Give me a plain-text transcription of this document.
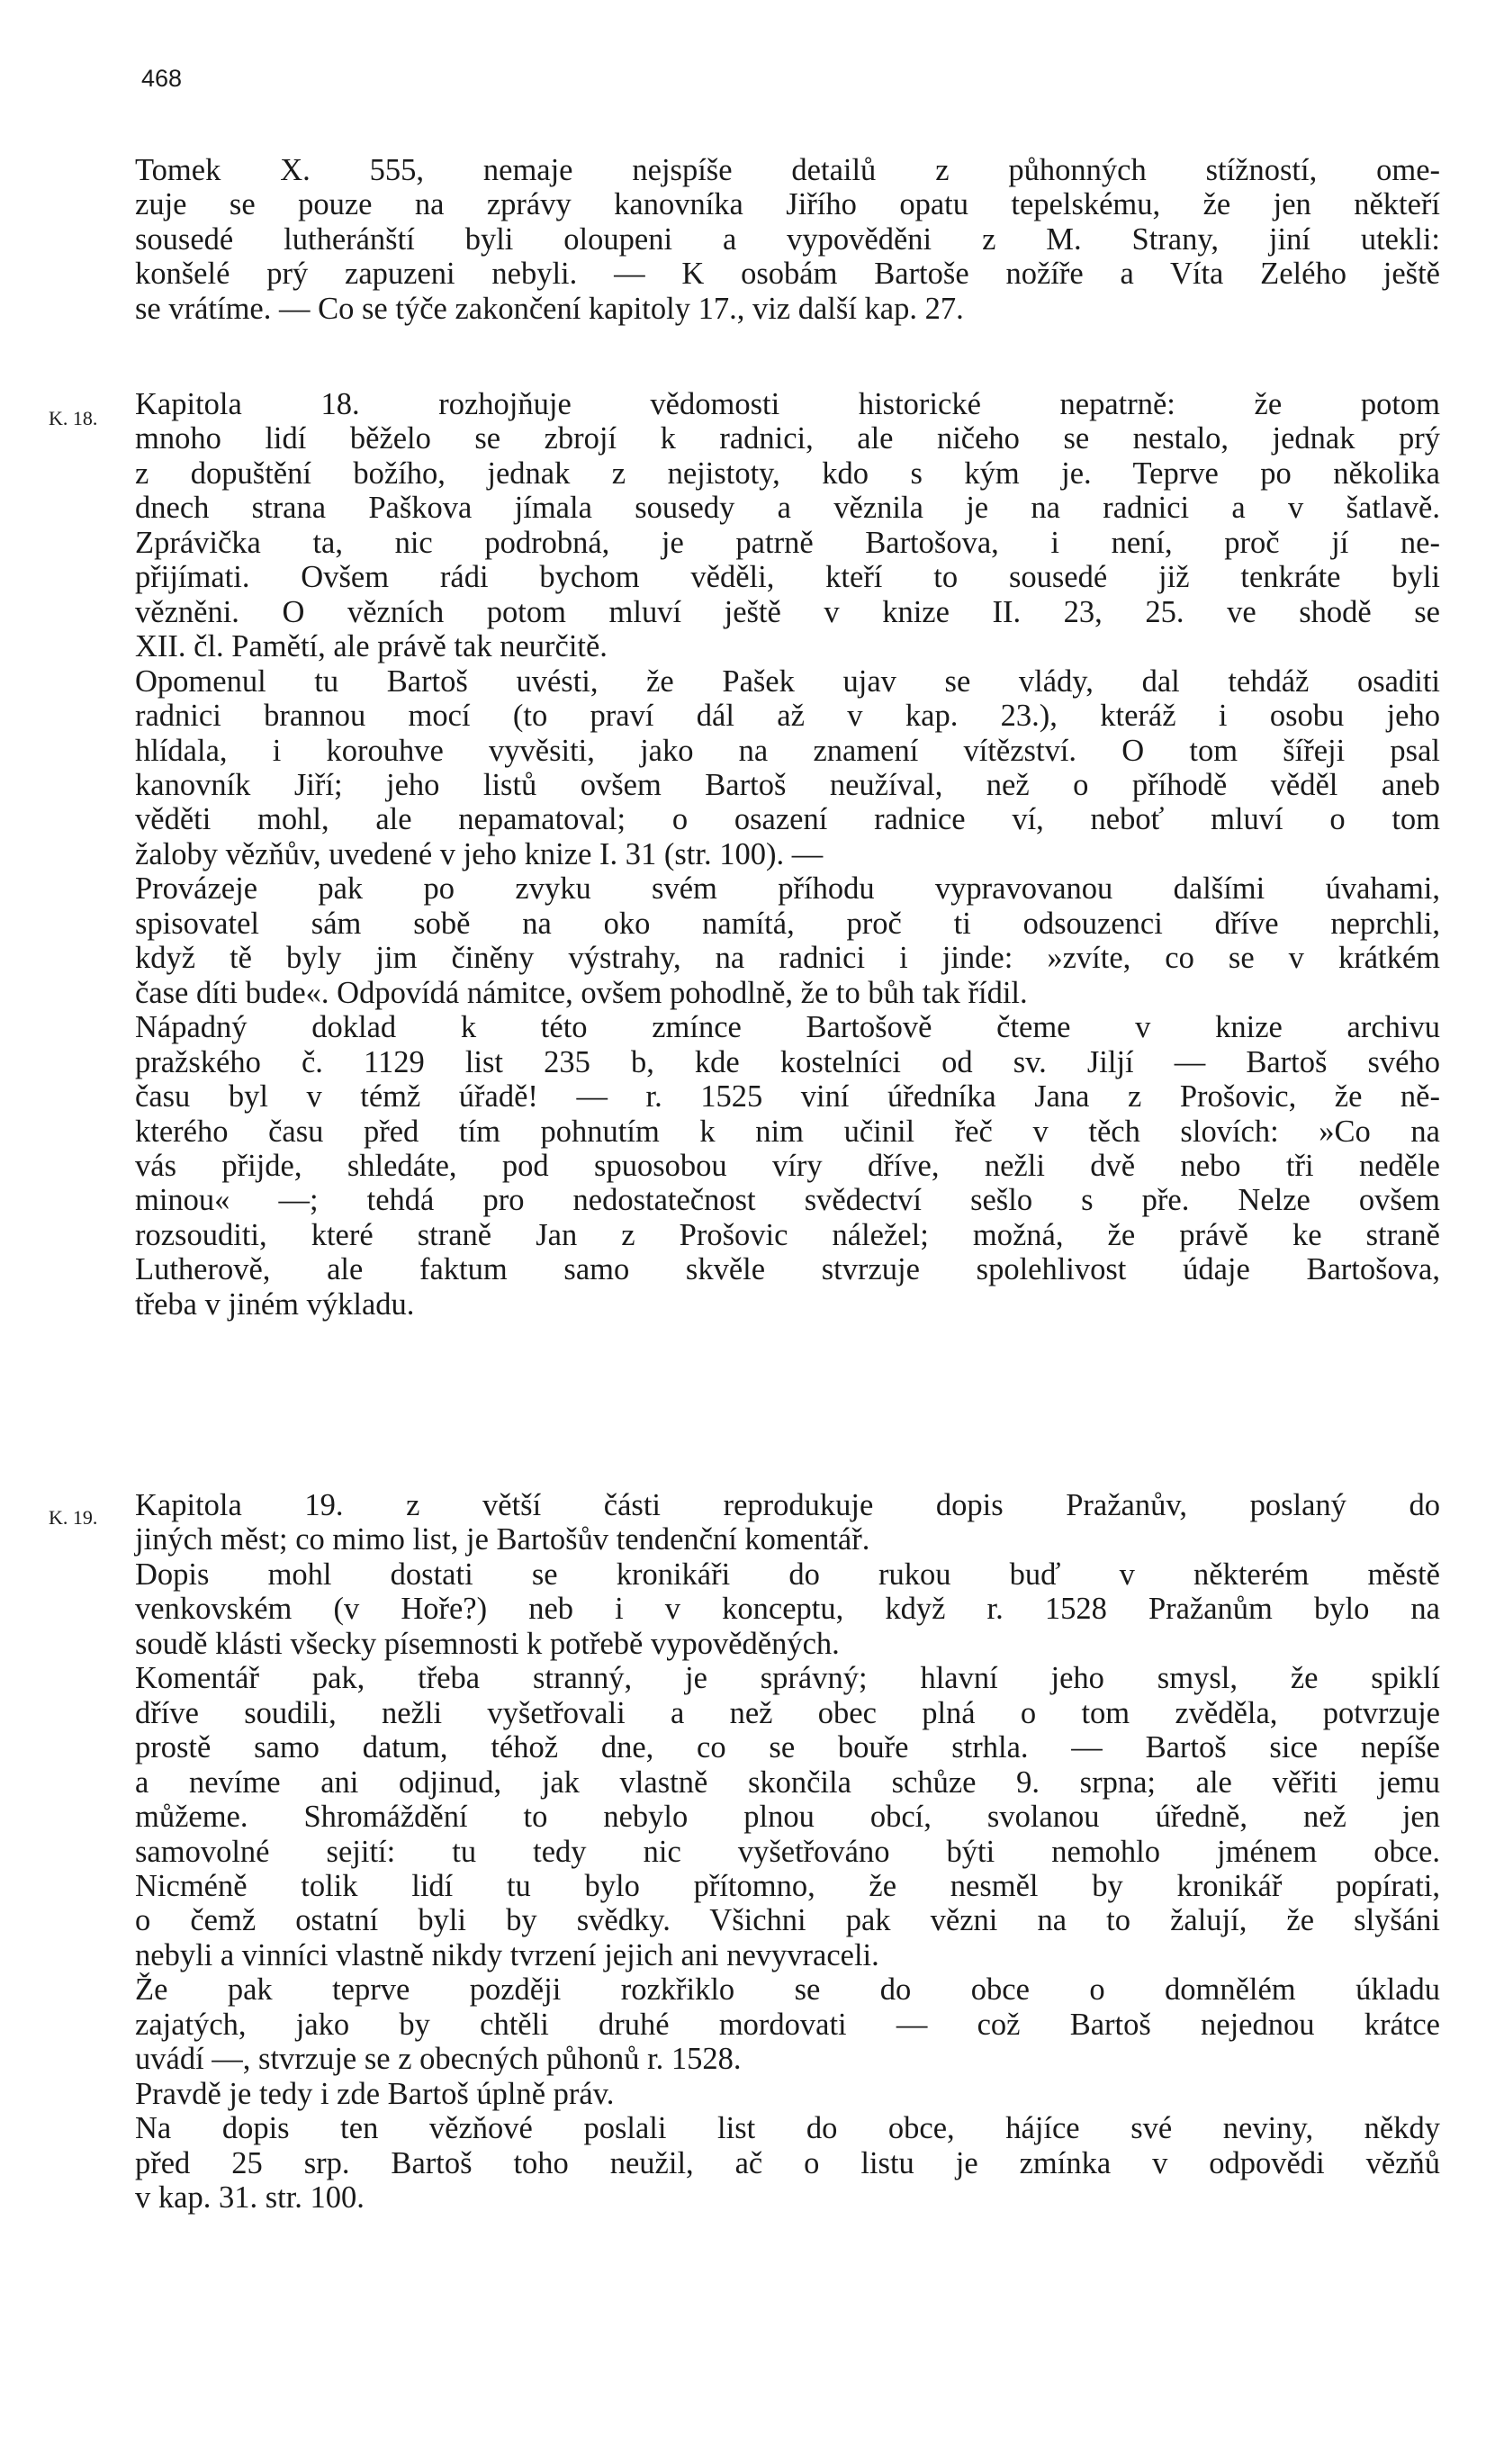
468
K. 18.
K. 19.
Tomek X. 555, nemaje nejspíše detailů z půhonných stížností, ome-
zuje se pouze na zprávy kanovníka Jiřího opatu tepelskému, že jen někteří
sousedé lutheránští byli oloupeni a vypověděni z M. Strany, jiní utekli:
konšelé prý zapuzeni nebyli. — K osobám Bartoše nožíře a Víta Zelého ještě
se vrátíme. — Co se týče zakončení kapitoly 17., viz další kap. 27.
Kapitola 18. rozhojňuje vědomosti historické nepatrně: že potom
mnoho lidí běželo se zbrojí k radnici, ale ničeho se nestalo, jednak prý
z dopuštění božího, jednak z nejistoty, kdo s kým je. Teprve po několika
dnech strana Paškova jímala sousedy a věznila je na radnici a v šatlavě.
Zprávička ta, nic podrobná, je patrně Bartošova, i není, proč jí ne-
přijímati. Ovšem rádi bychom věděli, kteří to sousedé již tenkráte byli
vězněni. O vězních potom mluví ještě v knize II. 23, 25. ve shodě se
XII. čl. Pamětí, ale právě tak neurčitě.
Opomenul tu Bartoš uvésti, že Pašek ujav se vlády, dal tehdáž osaditi
radnici brannou mocí (to praví dál až v kap. 23.), kteráž i osobu jeho
hlídala, i korouhve vyvěsiti, jako na znamení vítězství. O tom šířeji psal
kanovník Jiří; jeho listů ovšem Bartoš neužíval, než o příhodě věděl aneb
věděti mohl, ale nepamatoval; o osazení radnice ví, neboť mluví o tom
žaloby vězňův, uvedené v jeho knize I. 31 (str. 100). —
Provázeje pak po zvyku svém příhodu vypravovanou dalšími úvahami,
spisovatel sám sobě na oko namítá, proč ti odsouzenci dříve neprchli,
když tě byly jim činěny výstrahy, na radnici i jinde: »zvíte, co se v krátkém
čase díti bude«. Odpovídá námitce, ovšem pohodlně, že to bůh tak řídil.
Nápadný doklad k této zmínce Bartošově čteme v knize archivu
pražského č. 1129 list 235 b, kde kostelníci od sv. Jiljí — Bartoš svého
času byl v témž úřadě! — r. 1525 viní úředníka Jana z Prošovic, že ně-
kterého času před tím pohnutím k nim učinil řeč v těch slovích: »Co na
vás přijde, shledáte, pod spuosobou víry dříve, nežli dvě nebo tři neděle
minou« —; tehdá pro nedostatečnost svědectví sešlo s pře. Nelze ovšem
rozsouditi, které straně Jan z Prošovic náležel; možná, že právě ke straně
Lutherově, ale faktum samo skvěle stvrzuje spolehlivost údaje Bartošova,
třeba v jiném výkladu.
Kapitola 19. z větší části reprodukuje dopis Pražanův, poslaný do
jiných měst; co mimo list, je Bartošův tendenční komentář.
Dopis mohl dostati se kronikáři do rukou buď v některém městě
venkovském (v Hoře?) neb i v konceptu, když r. 1528 Pražanům bylo na
soudě klásti všecky písemnosti k potřebě vypověděných.
Komentář pak, třeba stranný, je správný; hlavní jeho smysl, že spiklí
dříve soudili, nežli vyšetřovali a než obec plná o tom zvěděla, potvrzuje
prostě samo datum, téhož dne, co se bouře strhla. — Bartoš sice nepíše
a nevíme ani odjinud, jak vlastně skončila schůze 9. srpna; ale věřiti jemu
můžeme. Shromáždění to nebylo plnou obcí, svolanou úředně, než jen
samovolné sejití: tu tedy nic vyšetřováno býti nemohlo jménem obce.
Nicméně tolik lidí tu bylo přítomno, že nesměl by kronikář popírati,
o čemž ostatní byli by svědky. Všichni pak vězni na to žalují, že slyšáni
nebyli a vinníci vlastně nikdy tvrzení jejich ani nevyvraceli.
Že pak teprve později rozkřiklo se do obce o domnělém úkladu
zajatých, jako by chtěli druhé mordovati — což Bartoš nejednou krátce
uvádí —, stvrzuje se z obecných půhonů r. 1528.
Pravdě je tedy i zde Bartoš úplně práv.
Na dopis ten vězňové poslali list do obce, hájíce své neviny, někdy
před 25 srp. Bartoš toho neužil, ač o listu je zmínka v odpovědi vězňů
v kap. 31. str. 100.
